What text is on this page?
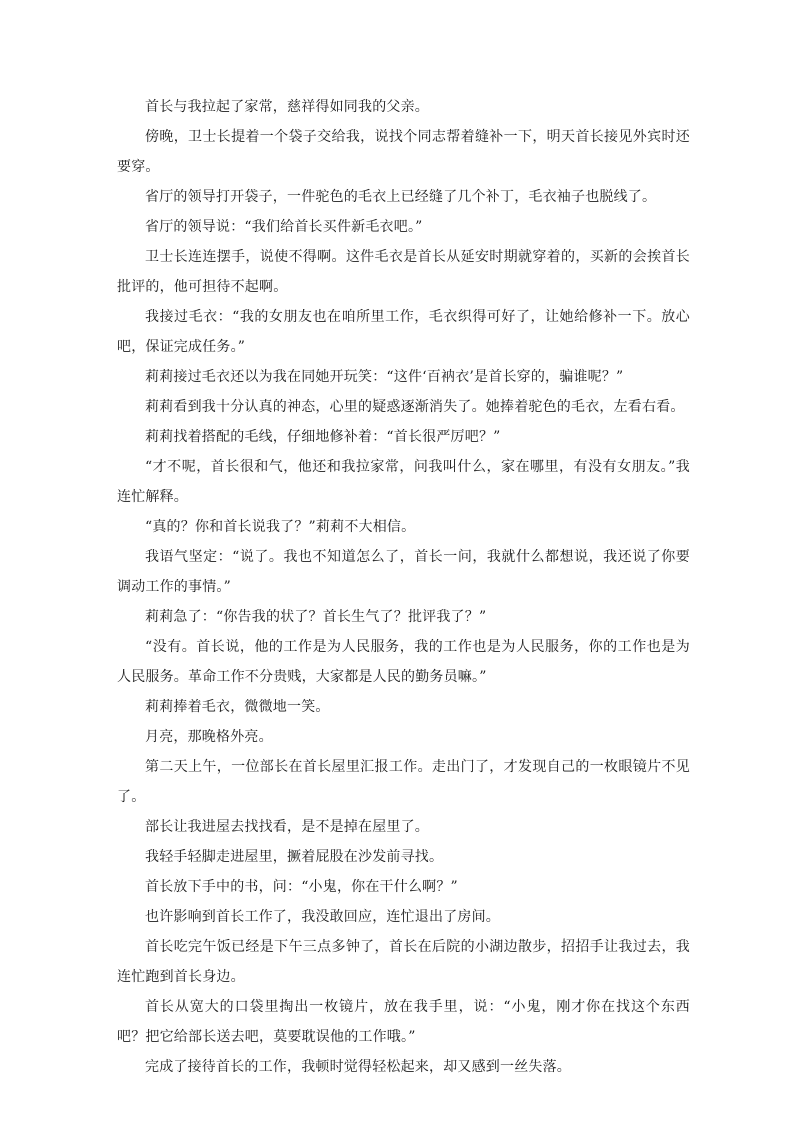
首长与我拉起了家常，慈祥得如同我的父亲。

傍晚，卫士长提着一个袋子交给我，说找个同志帮着缝补一下，明天首长接见外宾时还要穿。

省厅的领导打开袋子，一件驼色的毛衣上已经缝了几个补丁，毛衣袖子也脱线了。

省厅的领导说：“我们给首长买件新毛衣吧。”

卫士长连连摆手，说使不得啊。这件毛衣是首长从延安时期就穿着的，买新的会挨首长批评的，他可担待不起啊。

我接过毛衣：“我的女朋友也在咱所里工作，毛衣织得可好了，让她给修补一下。放心吧，保证完成任务。”

莉莉接过毛衣还以为我在同她开玩笑：“这件‘百衲衣’是首长穿的，骗谁呢？”

莉莉看到我十分认真的神态，心里的疑惑逐渐消失了。她捧着驼色的毛衣，左看右看。

莉莉找着搭配的毛线，仔细地修补着：“首长很严厉吧？”

“才不呢，首长很和气，他还和我拉家常，问我叫什么，家在哪里，有没有女朋友。”我连忙解释。

“真的？你和首长说我了？”莉莉不大相信。

我语气坚定：“说了。我也不知道怎么了，首长一问，我就什么都想说，我还说了你要调动工作的事情。”

莉莉急了：“你告我的状了？首长生气了？批评我了？”

“没有。首长说，他的工作是为人民服务，我的工作也是为人民服务，你的工作也是为人民服务。革命工作不分贵贱，大家都是人民的勤务员嘛。”

莉莉捧着毛衣，微微地一笑。

月亮，那晚格外亮。

第二天上午，一位部长在首长屋里汇报工作。走出门了，才发现自己的一枚眼镜片不见了。

部长让我进屋去找找看，是不是掉在屋里了。

我轻手轻脚走进屋里，撅着屁股在沙发前寻找。

首长放下手中的书，问：“小鬼，你在干什么啊？”

也许影响到首长工作了，我没敢回应，连忙退出了房间。

首长吃完午饭已经是下午三点多钟了，首长在后院的小湖边散步，招招手让我过去，我连忙跑到首长身边。

首长从宽大的口袋里掏出一枚镜片，放在我手里，说：“小鬼，刚才你在找这个东西吧？把它给部长送去吧，莫要耽误他的工作哦。”

完成了接待首长的工作，我顿时觉得轻松起来，却又感到一丝失落。
